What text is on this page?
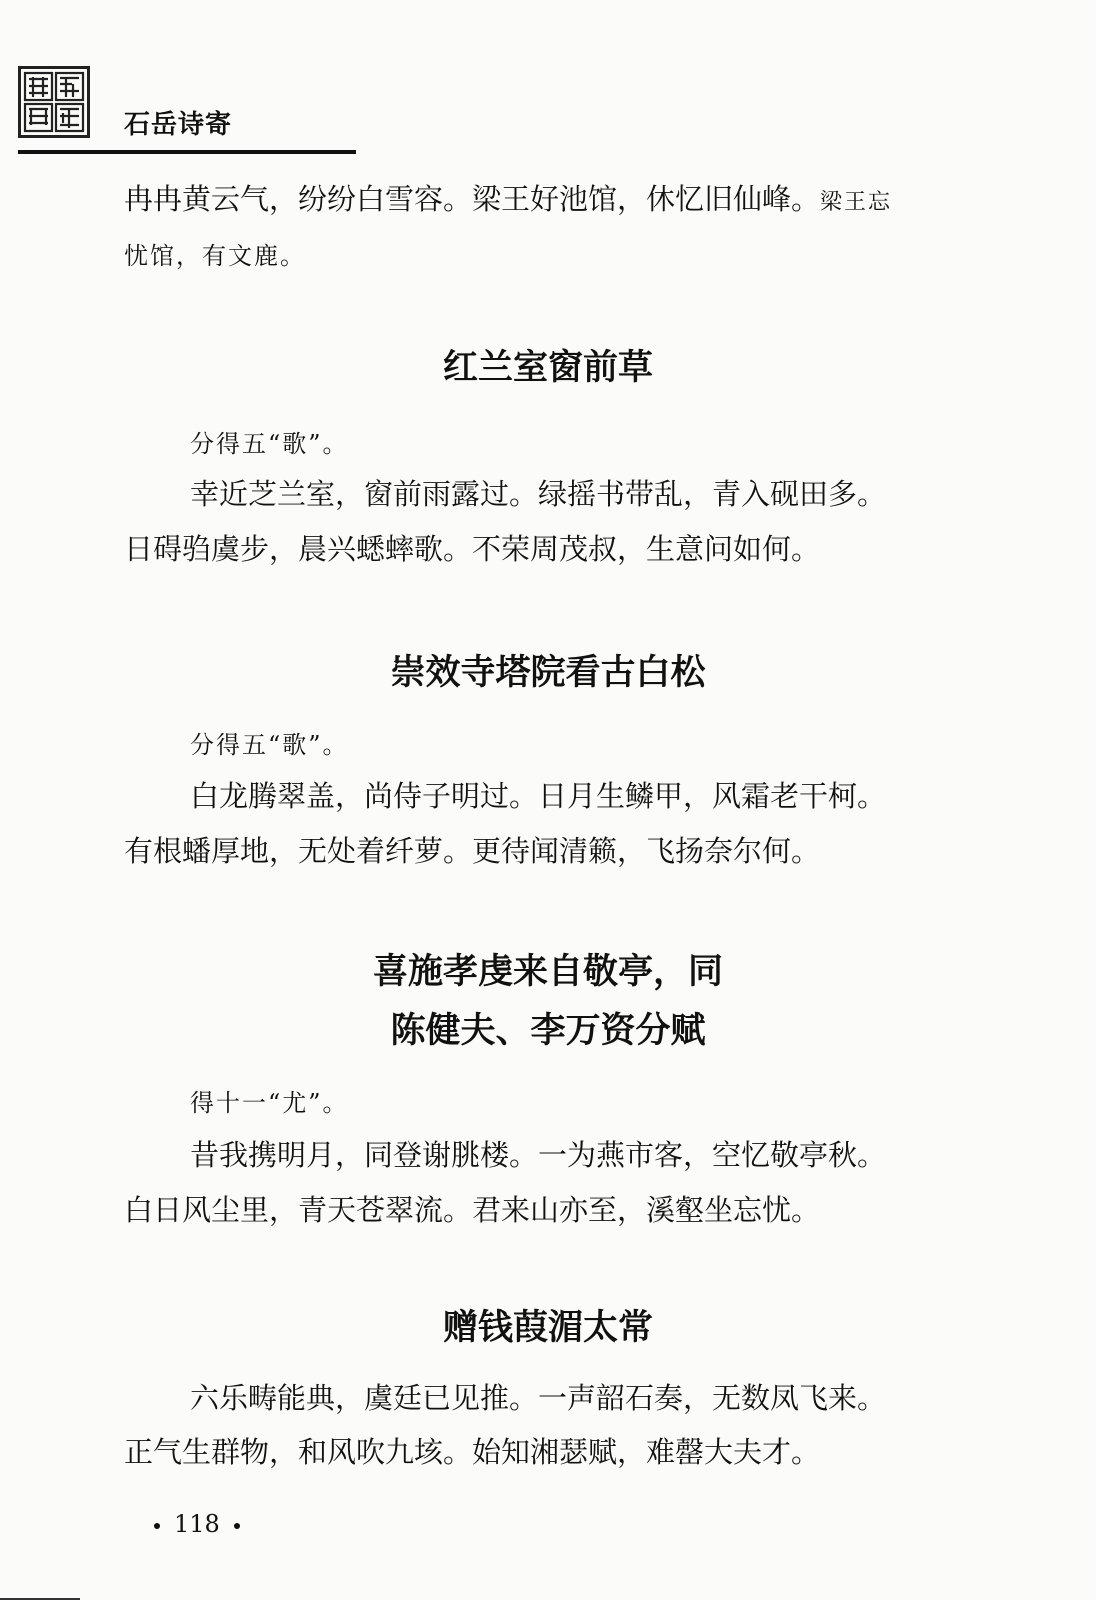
石岳诗寄
冉冉黄云气，纷纷白雪容。梁王好池馆，休忆旧仙峰。梁王忘
忧馆，有文鹿。
红兰室窗前草
分得五“歌”。
幸近芝兰室，窗前雨露过。绿摇书带乱，青入砚田多。
日碍驺虞步，晨兴蟋蟀歌。不荣周茂叔，生意问如何。
崇效寺塔院看古白松
分得五“歌”。
白龙腾翠盖，尚侍子明过。日月生鳞甲，风霜老干柯。
有根蟠厚地，无处着纤萝。更待闻清籁，飞扬奈尔何。
喜施孝虔来自敬亭，同
陈健夫、李万资分赋
得十一“尤”。
昔我携明月，同登谢朓楼。一为燕市客，空忆敬亭秋。
白日风尘里，青天苍翠流。君来山亦至，溪壑坐忘忧。
赠钱葭湄太常
六乐畴能典，虞廷已见推。一声韶石奏，无数凤飞来。
正气生群物，和风吹九垓。始知湘瑟赋，难罄大夫才。
118
